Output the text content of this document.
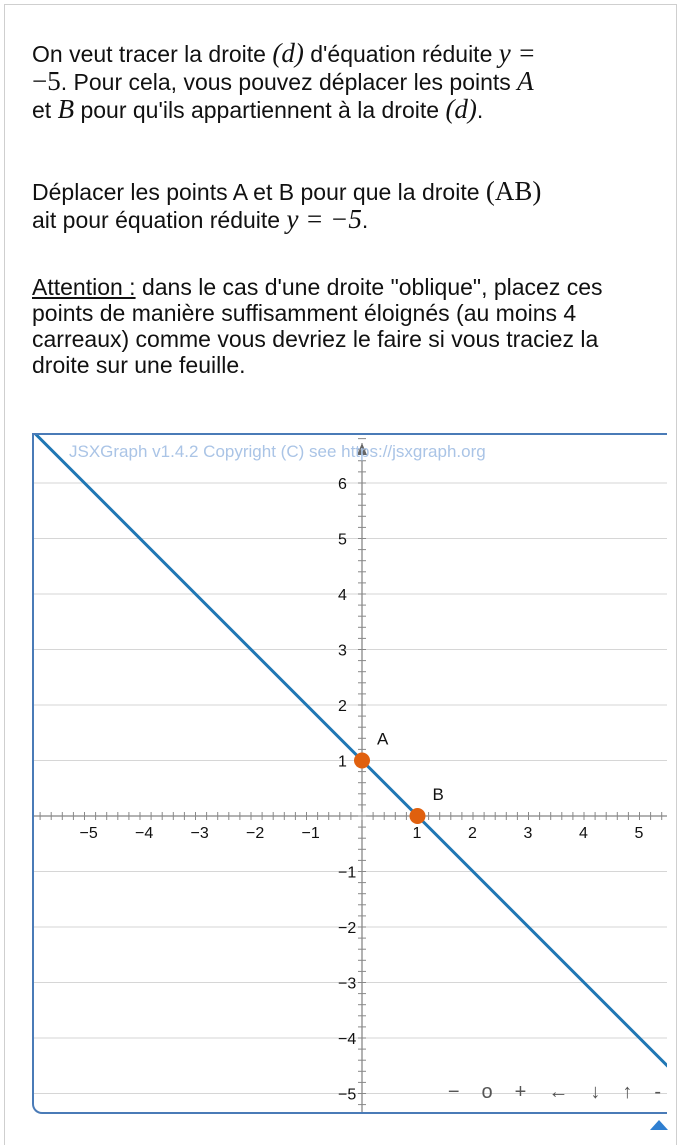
On veut tracer la droite (d) d'équation réduite y =
−5. Pour cela, vous pouvez déplacer les points A
et B pour qu'ils appartiennent à la droite (d).

Déplacer les points A et B pour que la droite (AB)
ait pour équation réduite y = −5.

Attention : dans le cas d'une droite "oblique", placez ces points de manière suffisamment éloignés (au moins 4 carreaux) comme vous devriez le faire si vous traciez la droite sur une feuille.

−5 −4 −3 −2 −1	1	2	3	4	5
6
5
4
3
2
1
−1
−2
−3
−4
−5
JSXGraph v1.4.2 Copyright (C) see https://jsxgraph.org
A
B
− o + ← ↓ ↑ -
